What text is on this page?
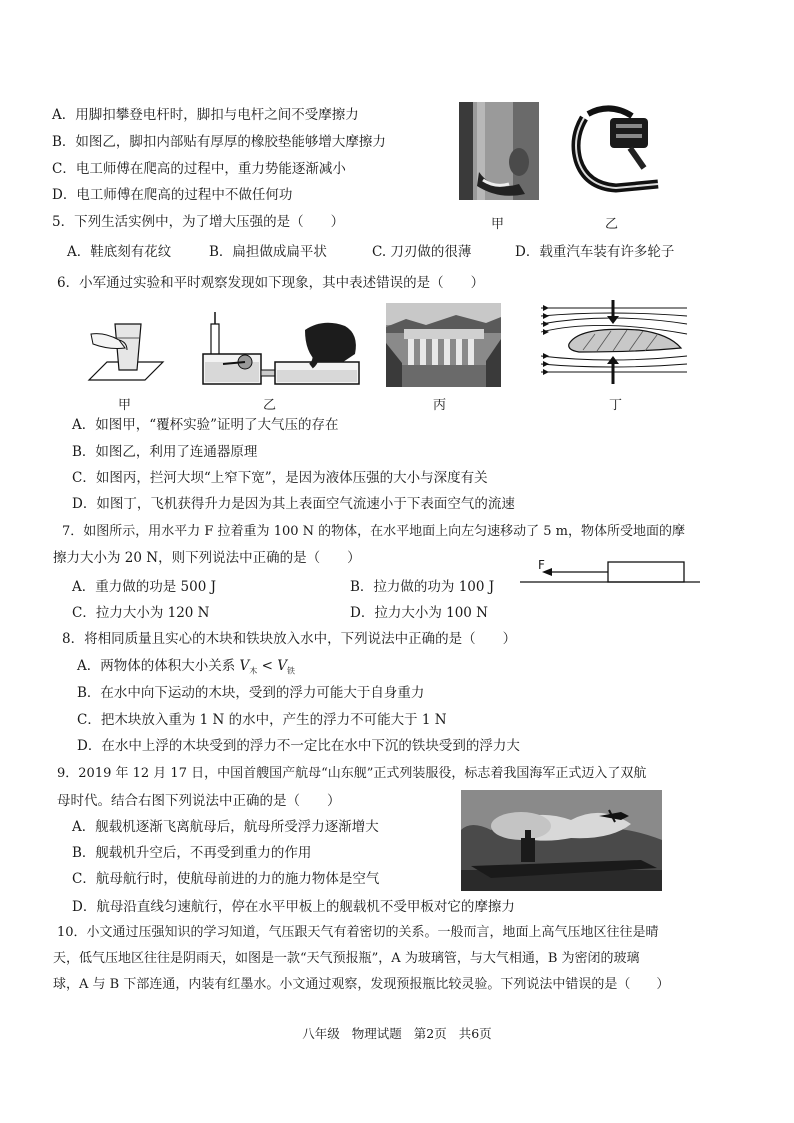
A．用脚扣攀登电杆时，脚扣与电杆之间不受摩擦力
B．如图乙，脚扣内部贴有厚厚的橡胶垫能够增大摩擦力
C．电工师傅在爬高的过程中，重力势能逐渐减小
D．电工师傅在爬高的过程中不做任何功
甲	乙
5．下列生活实例中，为了增大压强的是（　　）
A．鞋底刻有花纹	B．扁担做成扁平状	C. 刀刃做的很薄	D．载重汽车装有许多轮子
6．小军通过实验和平时观察发现如下现象，其中表述错误的是（　　）
甲	乙	丙	丁
A．如图甲，“覆杯实验”证明了大气压的存在
B．如图乙，利用了连通器原理
C．如图丙，拦河大坝“上窄下宽”，是因为液体压强的大小与深度有关
D．如图丁，飞机获得升力是因为其上表面空气流速小于下表面空气的流速
7．如图所示，用水平力 F 拉着重为 100 N 的物体，在水平地面上向左匀速移动了 5 m，物体所受地面的摩
擦力大小为 20 N，则下列说法中正确的是（　　）
A．重力做的功是 500 J	B．拉力做的功为 100 J
C．拉力大小为 120 N	D．拉力大小为 100 N
F
8．将相同质量且实心的木块和铁块放入水中，下列说法中正确的是（　　）
A．两物体的体积大小关系 $V_木 < V_铁$
B．在水中向下运动的木块，受到的浮力可能大于自身重力
C．把木块放入重为 1 N 的水中，产生的浮力不可能大于 1 N
D．在水中上浮的木块受到的浮力不一定比在水中下沉的铁块受到的浮力大
9．2019 年 12 月 17 日，中国首艘国产航母“山东舰”正式列装服役，标志着我国海军正式迈入了双航
母时代。结合右图下列说法中正确的是（　　）
A．舰载机逐渐飞离航母后，航母所受浮力逐渐增大
B．舰载机升空后，不再受到重力的作用
C．航母航行时，使航母前进的力的施力物体是空气
D．航母沿直线匀速航行，停在水平甲板上的舰载机不受甲板对它的摩擦力
10．小文通过压强知识的学习知道，气压跟天气有着密切的关系。一般而言，地面上高气压地区往往是晴
天，低气压地区往往是阴雨天，如图是一款“天气预报瓶”，A 为玻璃管，与大气相通，B 为密闭的玻璃
球，A 与 B 下部连通，内装有红墨水。小文通过观察，发现预报瓶比较灵验。下列说法中错误的是（　　）
八年级 物理试题 第2页 共6页
